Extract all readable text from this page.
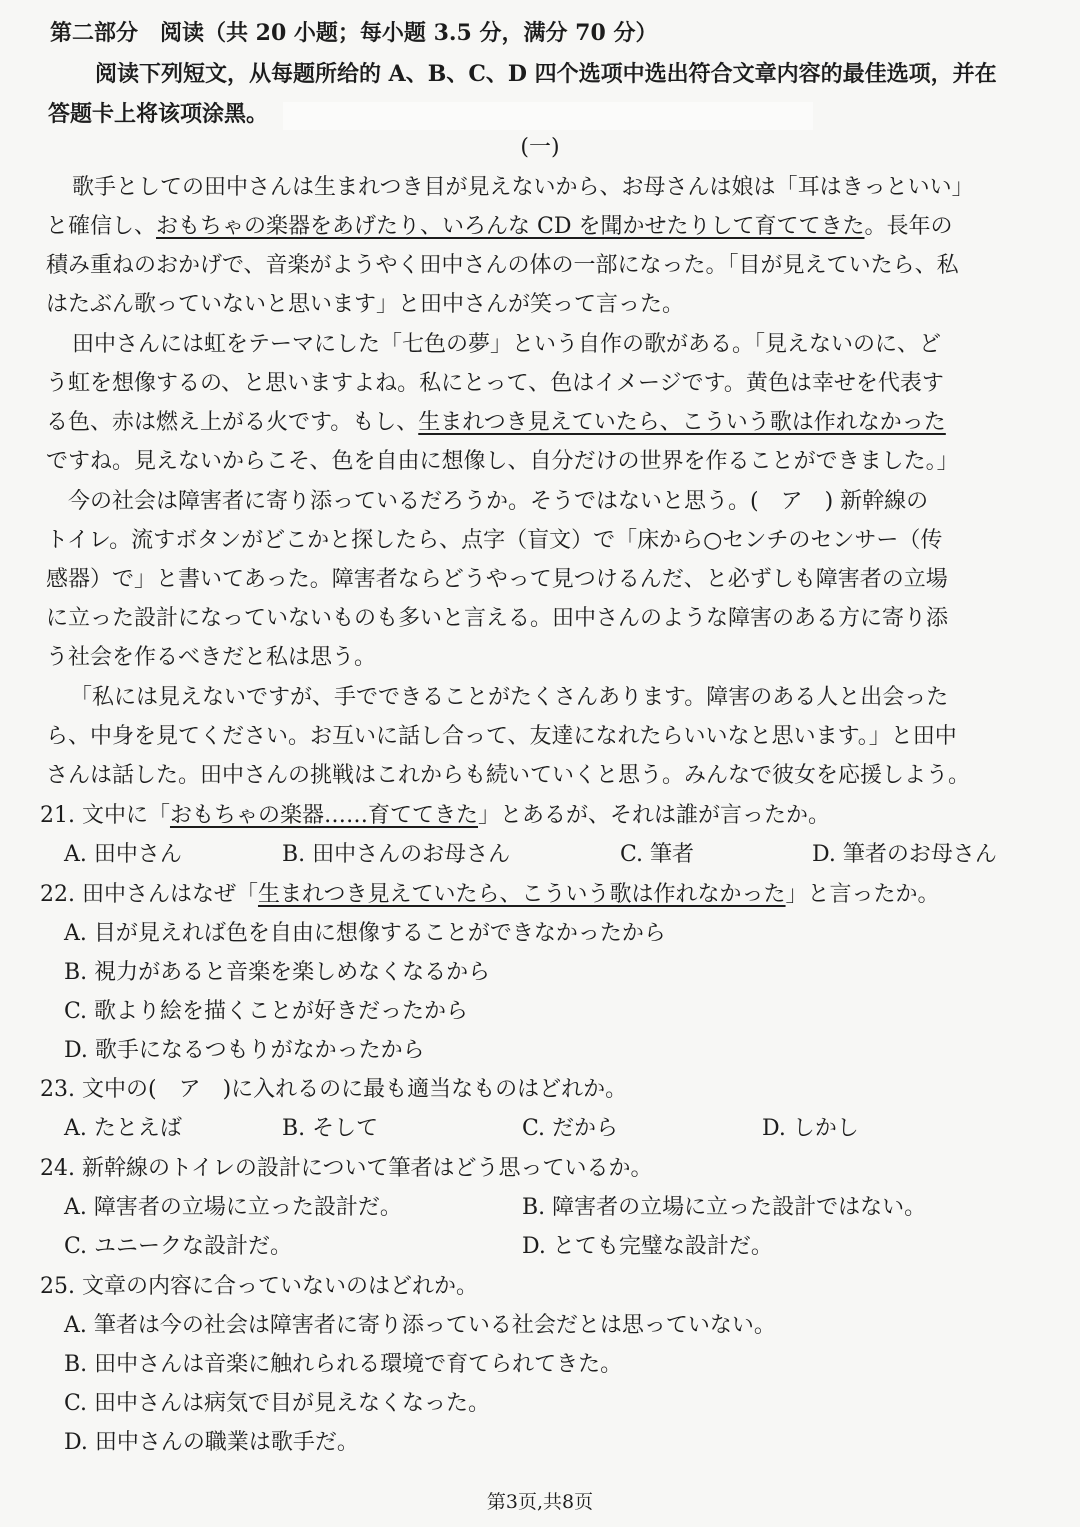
第二部分　阅读（共 20 小题；每小题 3.5 分，满分 70 分）
阅读下列短文，从每题所给的 A、B、C、D 四个选项中选出符合文章内容的最佳选项，并在
答题卡上将该项涂黑。
(一)
歌手としての田中さんは生まれつき目が見えないから、お母さんは娘は「耳はきっといい」
と確信し、おもちゃの楽器をあげたり、いろんな CD を聞かせたりして育ててきた。長年の
積み重ねのおかげで、音楽がようやく田中さんの体の一部になった。「目が見えていたら、私
はたぶん歌っていないと思います」と田中さんが笑って言った。
田中さんには虹をテーマにした「七色の夢」という自作の歌がある。「見えないのに、ど
う虹を想像するの、と思いますよね。私にとって、色はイメージです。黄色は幸せを代表す
る色、赤は燃え上がる火です。もし、生まれつき見えていたら、こういう歌は作れなかった
ですね。見えないからこそ、色を自由に想像し、自分だけの世界を作ることができました。」
今の社会は障害者に寄り添っているだろうか。そうではないと思う。(　ア　) 新幹線の
トイレ。流すボタンがどこかと探したら、点字（盲文）で「床から○センチのセンサー（传
感器）で」と書いてあった。障害者ならどうやって見つけるんだ、と必ずしも障害者の立場
に立った設計になっていないものも多いと言える。田中さんのような障害のある方に寄り添
う社会を作るべきだと私は思う。
「私には見えないですが、手でできることがたくさんあります。障害のある人と出会った
ら、中身を見てください。お互いに話し合って、友達になれたらいいなと思います。」と田中
さんは話した。田中さんの挑戦はこれからも続いていくと思う。みんなで彼女を応援しよう。
21. 文中に「おもちゃの楽器……育ててきた」とあるが、それは誰が言ったか。
A. 田中さん	B. 田中さんのお母さん	C. 筆者	D. 筆者のお母さん
22. 田中さんはなぜ「生まれつき見えていたら、こういう歌は作れなかった」と言ったか。
A. 目が見えれば色を自由に想像することができなかったから
B. 視力があると音楽を楽しめなくなるから
C. 歌より絵を描くことが好きだったから
D. 歌手になるつもりがなかったから
23. 文中の(　ア　)に入れるのに最も適当なものはどれか。
A. たとえば	B. そして	C. だから	D. しかし
24. 新幹線のトイレの設計について筆者はどう思っているか。
A. 障害者の立場に立った設計だ。	B. 障害者の立場に立った設計ではない。
C. ユニークな設計だ。	D. とても完璧な設計だ。
25. 文章の内容に合っていないのはどれか。
A. 筆者は今の社会は障害者に寄り添っている社会だとは思っていない。
B. 田中さんは音楽に触れられる環境で育てられてきた。
C. 田中さんは病気で目が見えなくなった。
D. 田中さんの職業は歌手だ。
第3页,共8页
